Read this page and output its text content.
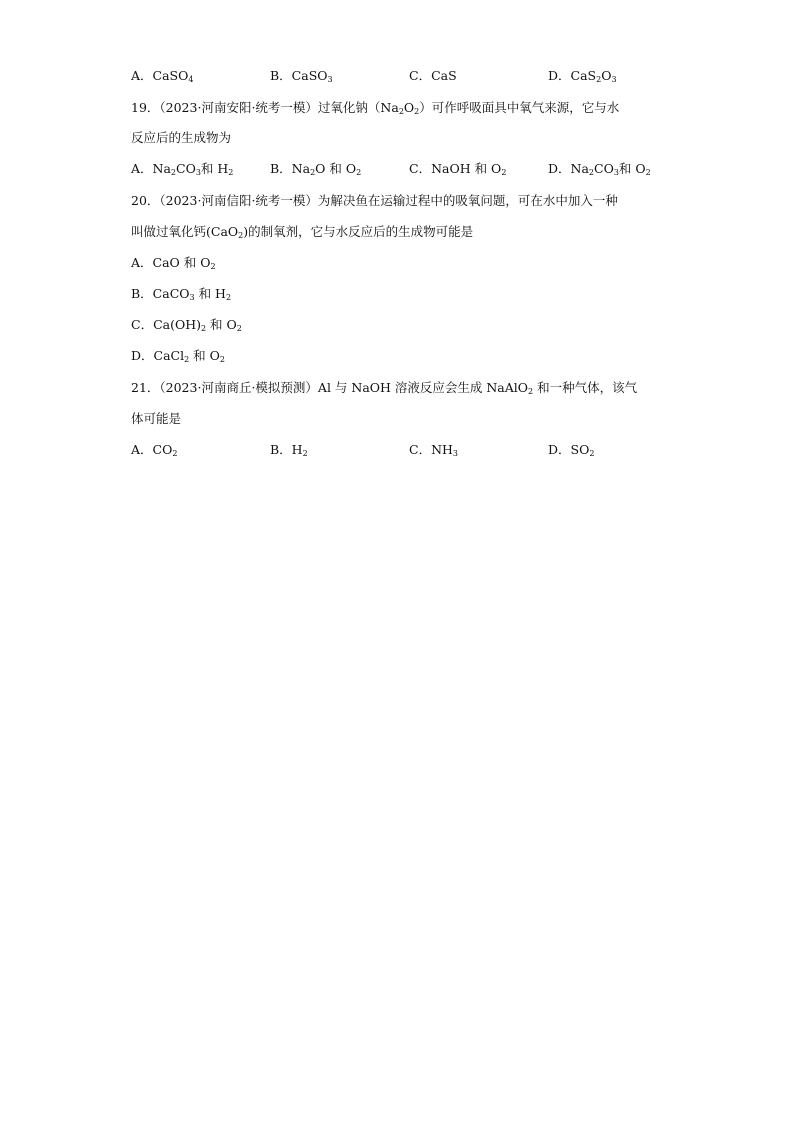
A．CaSO$_4$	B．CaSO$_3$	C．CaS	D．$CaS_2O_3$
19．（2023·河南安阳·统考一模）过氧化钠$(Na_2O_2)$可作呼吸面具中氧气来源，它与水
反应后的生成物为
A．$Na_2CO_3$和 $H_2$	B．$Na_2O$ 和 $O_2$	C．NaOH 和 $O_2$	D．$Na_2CO_3$和 $O_2$
20．（2023·河南信阳·统考一模）为解决鱼在运输过程中的吸氧问题，可在水中加入一种
叫做过氧化钙(CaO$_2$)的制氧剂，它与水反应后的生成物可能是
A．CaO 和 $O_2$
B．CaCO$_3$ 和 $H_2$
C．$Ca(OH)_2$ 和 $O_2$
D．CaCl$_2$ 和 $O_2$
21．（2023·河南商丘·模拟预测）Al 与 NaOH 溶液反应会生成 NaAlO$_2$ 和一种气体，该气
体可能是
A．$CO_2$	B．$H_2$	C．$NH_3$	D．$SO_2$
